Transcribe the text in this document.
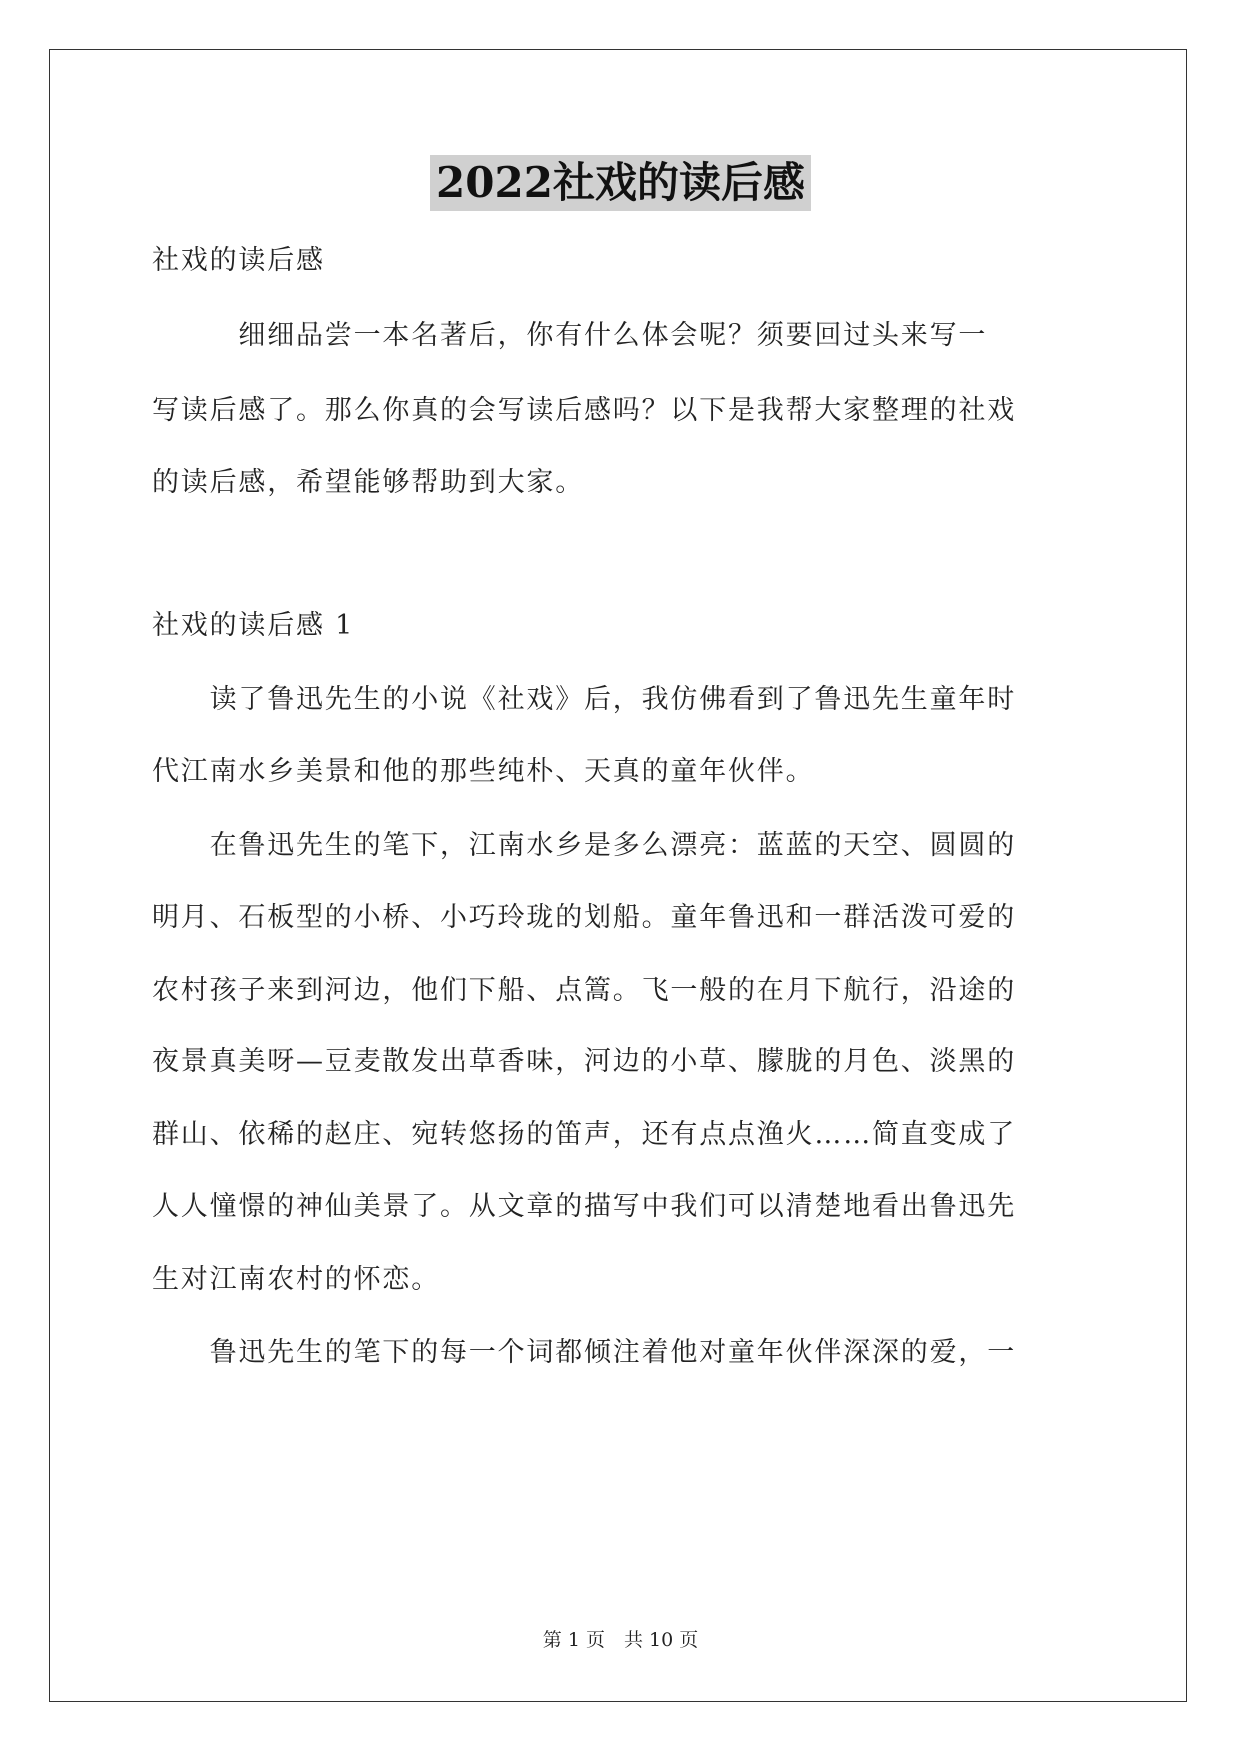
2022社戏的读后感
社戏的读后感
　　　细细品尝一本名著后，你有什么体会呢？须要回过头来写一
写读后感了。那么你真的会写读后感吗？以下是我帮大家整理的社戏
的读后感，希望能够帮助到大家。
社戏的读后感 1
　　读了鲁迅先生的小说《社戏》后，我仿佛看到了鲁迅先生童年时
代江南水乡美景和他的那些纯朴、天真的童年伙伴。
　　在鲁迅先生的笔下，江南水乡是多么漂亮：蓝蓝的天空、圆圆的
明月、石板型的小桥、小巧玲珑的划船。童年鲁迅和一群活泼可爱的
农村孩子来到河边，他们下船、点篙。飞一般的在月下航行，沿途的
夜景真美呀—豆麦散发出草香味，河边的小草、朦胧的月色、淡黑的
群山、依稀的赵庄、宛转悠扬的笛声，还有点点渔火……简直变成了
人人憧憬的神仙美景了。从文章的描写中我们可以清楚地看出鲁迅先
生对江南农村的怀恋。
　　鲁迅先生的笔下的每一个词都倾注着他对童年伙伴深深的爱，一
第 1 页　共 10 页
